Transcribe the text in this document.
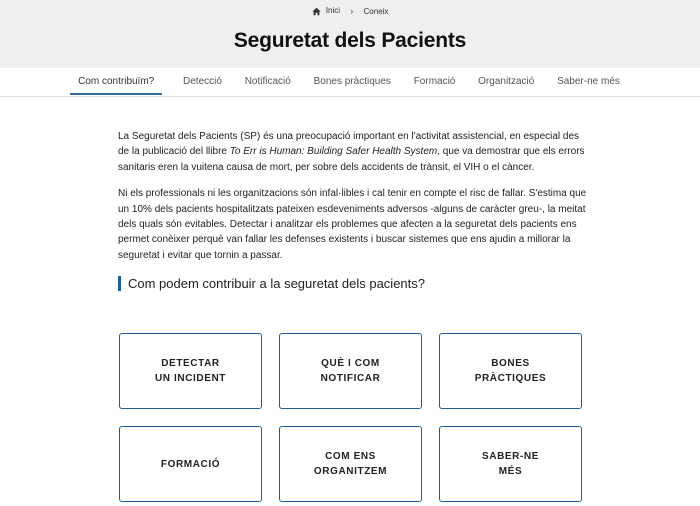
Inici › Coneix
Seguretat dels Pacients
Com contribuïm?	Detecció Notificació Bones pràctiques Formació Organització Saber-ne més

La Seguretat dels Pacients (SP) és una preocupació important en l'activitat assistencial, en especial des de la publicació del llibre To Err is Human: Building Safer Health System, que va demostrar que els errors sanitaris eren la vuitena causa de mort, per sobre dels accidents de trànsit, el VIH o el càncer.

Ni els professionals ni les organitzacions són infal·libles i cal tenir en compte el risc de fallar. S'estima que un 10% dels pacients hospitalitzats pateixen esdeveniments adversos -alguns de caràcter greu-, la meitat dels quals són evitables. Detectar i analitzar els problemes que afecten a la seguretat dels pacients ens permet conèixer perquè van fallar les defenses existents i buscar sistemes que ens ajudin a millorar la seguretat i evitar que tornin a passar.

Com podem contribuir a la seguretat dels pacients?
DETECTAR
UN INCIDENT
QUÈ I COM
NOTIFICAR
BONES
PRÀCTIQUES
FORMACIÓ
COM ENS
ORGANITZEM
SABER-NE
MÉS
